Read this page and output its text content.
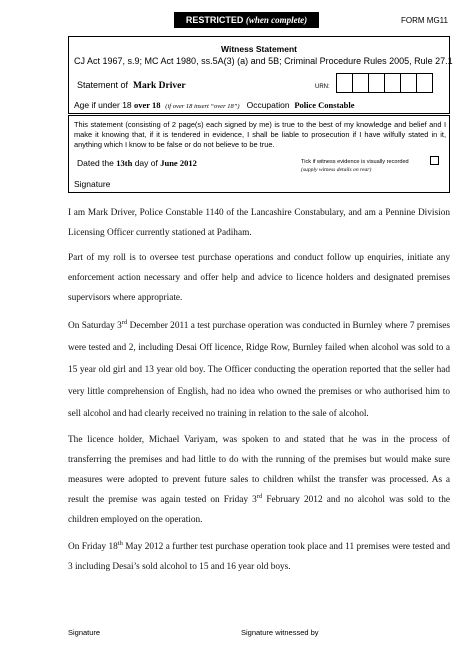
RESTRICTED (when complete)	FORM MG11
Witness Statement
CJ Act 1967, s.9; MC Act 1980, ss.5A(3) (a) and 5B; Criminal Procedure Rules 2005, Rule 27.1
Statement of Mark Driver	URN:
Age if under 18 over 18 (if over 18 insert “over 18”) Occupation Police Constable
This statement (consisting of 2 page(s) each signed by me) is true to the best of my knowledge and belief and I make it knowing that, if it is tendered in evidence, I shall be liable to prosecution if I have wilfully stated in it, anything which I know to be false or do not believe to be true.
Dated the 13th day of June 2012	Tick if witness evidence is visually recorded
(supply witness details on rear)
Signature

I am Mark Driver, Police Constable 1140 of the Lancashire Constabulary, and am a Pennine Division Licensing Officer currently stationed at Padiham.

Part of my roll is to oversee test purchase operations and conduct follow up enquiries, initiate any enforcement action necessary and offer help and advice to licence holders and designated premises supervisors where appropriate.

On Saturday 3rd December 2011 a test purchase operation was conducted in Burnley where 7 premises were tested and 2, including Desai Off licence, Ridge Row, Burnley failed when alcohol was sold to a 15 year old girl and 13 year old boy. The Officer conducting the operation reported that the seller had very little comprehension of English, had no idea who owned the premises or who authorised him to sell alcohol and had clearly received no training in relation to the sale of alcohol.

The licence holder, Michael Variyam, was spoken to and stated that he was in the process of transferring the premises and had little to do with the running of the premises but would make sure measures were adopted to prevent future sales to children whilst the transfer was processed. As a result the premise was again tested on Friday 3rd February 2012 and no alcohol was sold to the children employed on the operation.

On Friday 18th May 2012 a further test purchase operation took place and 11 premises were tested and 3 including Desai’s sold alcohol to 15 and 16 year old boys.

Signature	Signature witnessed by
